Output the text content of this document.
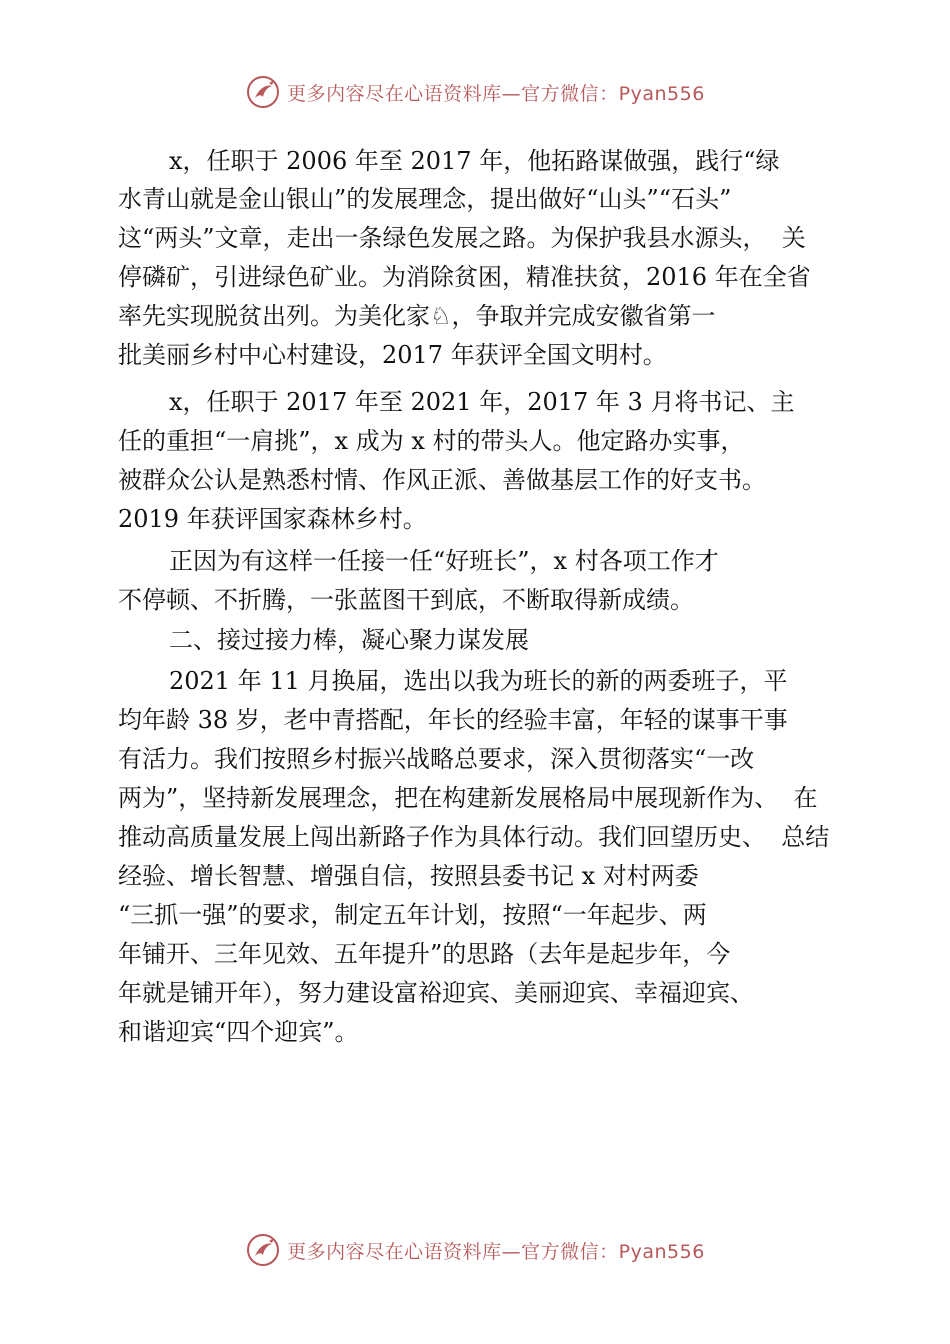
更多内容尽在心语资料库—官方微信：Pyan556
x，任职于 2006 年至 2017 年，他拓路谋做强，践行“绿
水青山就是金山银山”的发展理念，提出做好“山头”“石头”
这“两头”文章，走出一条绿色发展之路。为保护我县水源头，  关
停磷矿，引进绿色矿业。为消除贫困，精准扶贫，2016 年在全省
率先实现脱贫出列。为美化家♘，争取并完成安徽省第一
批美丽乡村中心村建设，2017 年获评全国文明村。
x，任职于 2017 年至 2021 年，2017 年 3 月将书记、主
任的重担“一肩挑”，x 成为 x 村的带头人。他定路办实事，
被群众公认是熟悉村情、作风正派、善做基层工作的好支书。
2019 年获评国家森林乡村。
正因为有这样一任接一任“好班长”，x 村各项工作才
不停顿、不折腾，一张蓝图干到底，不断取得新成绩。
二、接过接力棒，凝心聚力谋发展
2021 年 11 月换届，选出以我为班长的新的两委班子，平
均年龄 38 岁，老中青搭配，年长的经验丰富，年轻的谋事干事
有活力。我们按照乡村振兴战略总要求，深入贯彻落实“一改
两为”，坚持新发展理念，把在构建新发展格局中展现新作为、  在
推动高质量发展上闯出新路子作为具体行动。我们回望历史、  总结
经验、增长智慧、增强自信，按照县委书记 x 对村两委
“三抓一强”的要求，制定五年计划，按照“一年起步、两
年铺开、三年见效、五年提升”的思路（去年是起步年，今
年就是铺开年），努力建设富裕迎宾、美丽迎宾、幸福迎宾、
和谐迎宾“四个迎宾”。
更多内容尽在心语资料库—官方微信：Pyan556
